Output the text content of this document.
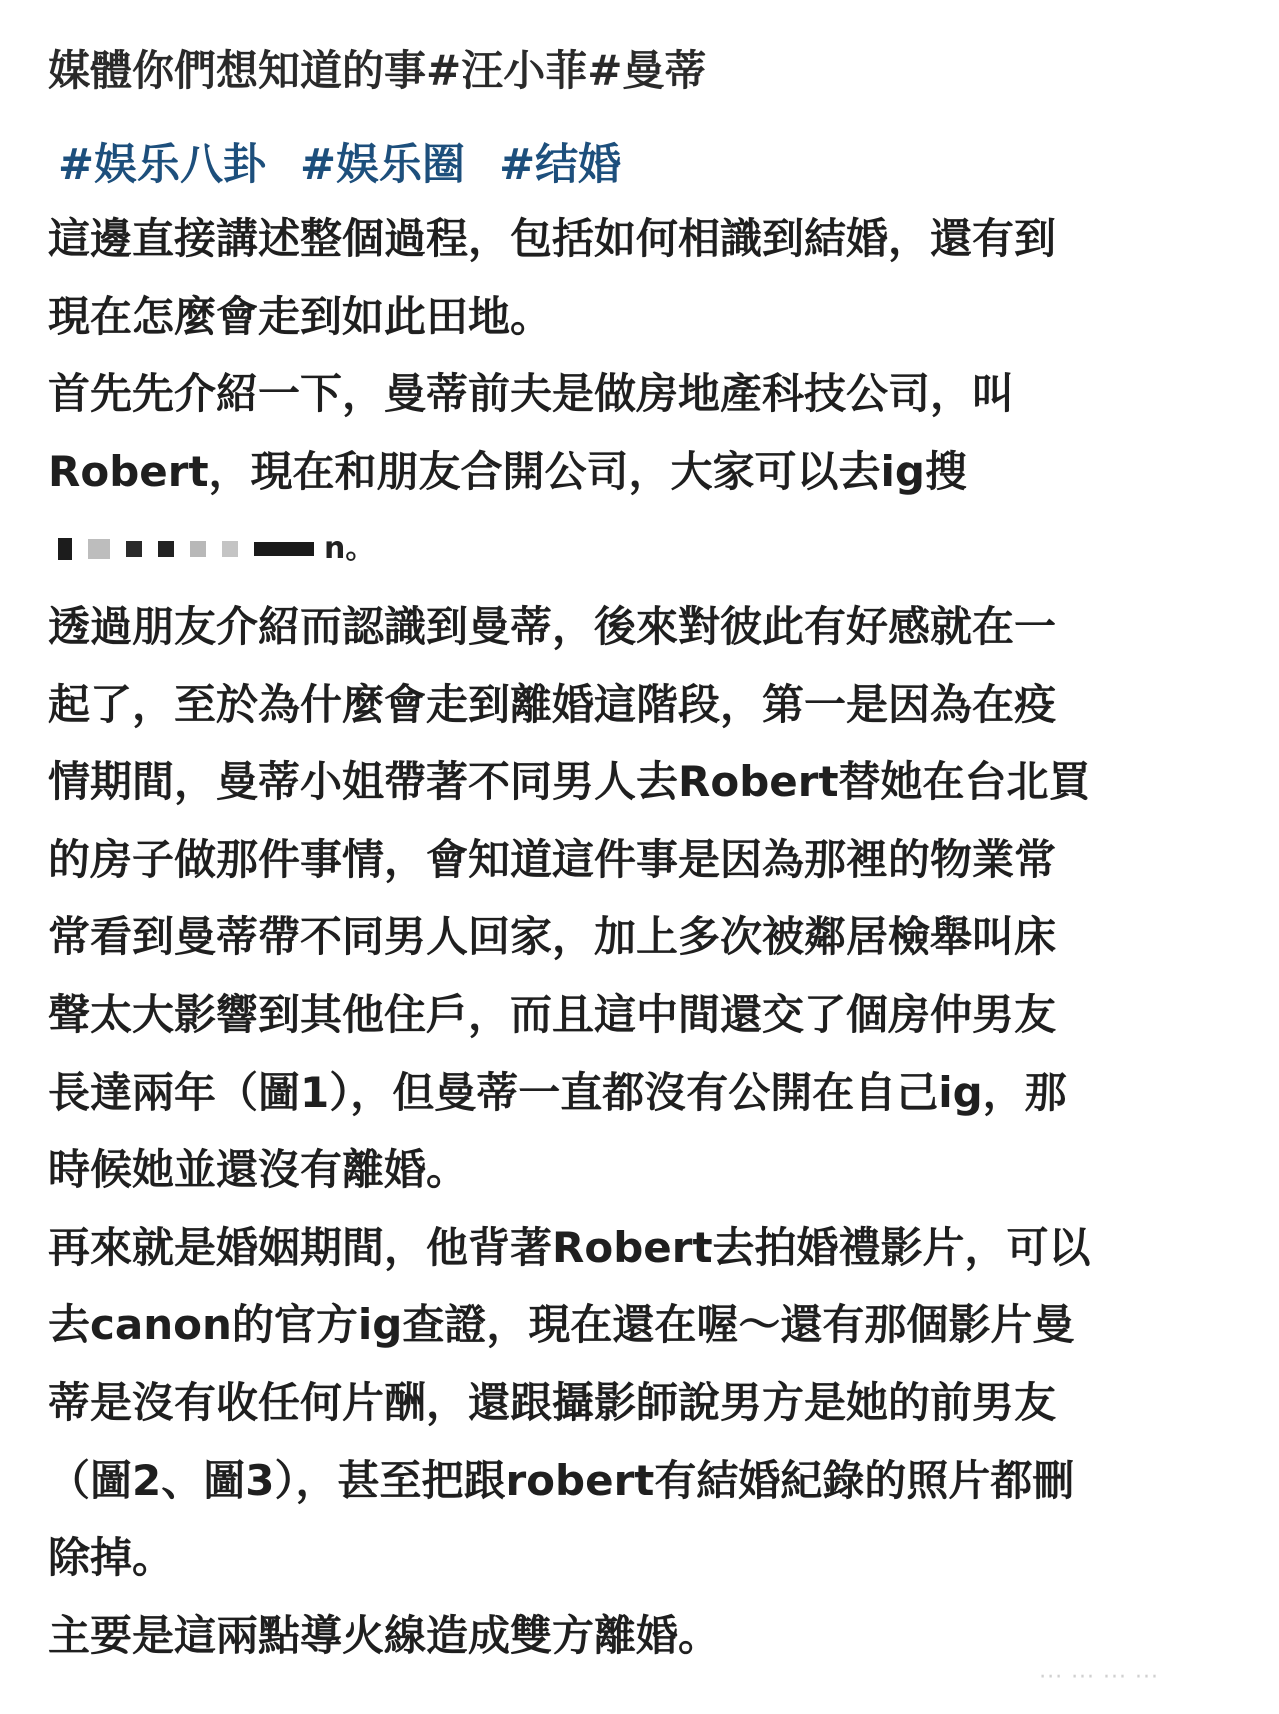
媒體你們想知道的事#汪小菲#曼蒂
#娱乐八卦 #娱乐圈 #结婚

這邊直接講述整個過程，包括如何相識到結婚，還有到
現在怎麼會走到如此田地。

首先先介紹一下，曼蒂前夫是做房地產科技公司，叫
Robert，現在和朋友合開公司，大家可以去ig搜

n。

透過朋友介紹而認識到曼蒂，後來對彼此有好感就在一
起了，至於為什麼會走到離婚這階段，第一是因為在疫
情期間，曼蒂小姐帶著不同男人去Robert替她在台北買
的房子做那件事情，會知道這件事是因為那裡的物業常
常看到曼蒂帶不同男人回家，加上多次被鄰居檢舉叫床
聲太大影響到其他住戶，而且這中間還交了個房仲男友
長達兩年（圖1），但曼蒂一直都沒有公開在自己ig，那
時候她並還沒有離婚。

再來就是婚姻期間，他背著Robert去拍婚禮影片，可以
去canon的官方ig查證，現在還在喔～還有那個影片曼
蒂是沒有收任何片酬，還跟攝影師說男方是她的前男友
（圖2、圖3），甚至把跟robert有結婚紀錄的照片都刪
除掉。

主要是這兩點導火線造成雙方離婚。

··· ··· ··· ···
